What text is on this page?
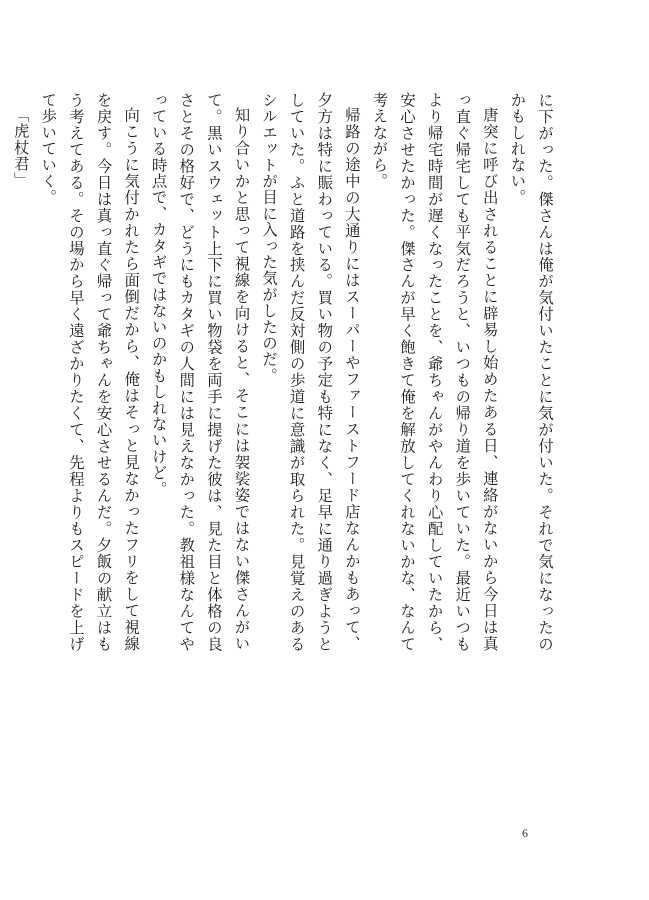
に下がった。傑さんは俺が気付いたことに気が付いた。それで気になったのかもしれない。

唐突に呼び出されることに辟易し始めたある日、連絡がないから今日は真っ直ぐ帰宅しても平気だろうと、いつもの帰り道を歩いていた。最近いつもより帰宅時間が遅くなったことを、爺ちゃんがやんわり心配していたから、安心させたかった。傑さんが早く飽きて俺を解放してくれないかな、なんて考えながら。

帰路の途中の大通りにはスーパーやファーストフード店なんかもあって、夕方は特に賑わっている。買い物の予定も特になく、足早に通り過ぎようとしていた。ふと道路を挟んだ反対側の歩道に意識が取られた。見覚えのあるシルエットが目に入った気がしたのだ。

知り合いかと思って視線を向けると、そこには袈裟姿ではない傑さんがいて。黒いスウェット上下に買い物袋を両手に提げた彼は、見た目と体格の良さとその格好で、どうにもカタギの人間には見えなかった。教祖様なんてやっている時点で、カタギではないのかもしれないけど。

向こうに気付かれたら面倒だから、俺はそっと見なかったフリをして視線を戻す。今日は真っ直ぐ帰って爺ちゃんを安心させるんだ。夕飯の献立はもう考えてある。その場から早く遠ざかりたくて、先程よりもスピードを上げて歩いていく。

「虎杖君」

6
